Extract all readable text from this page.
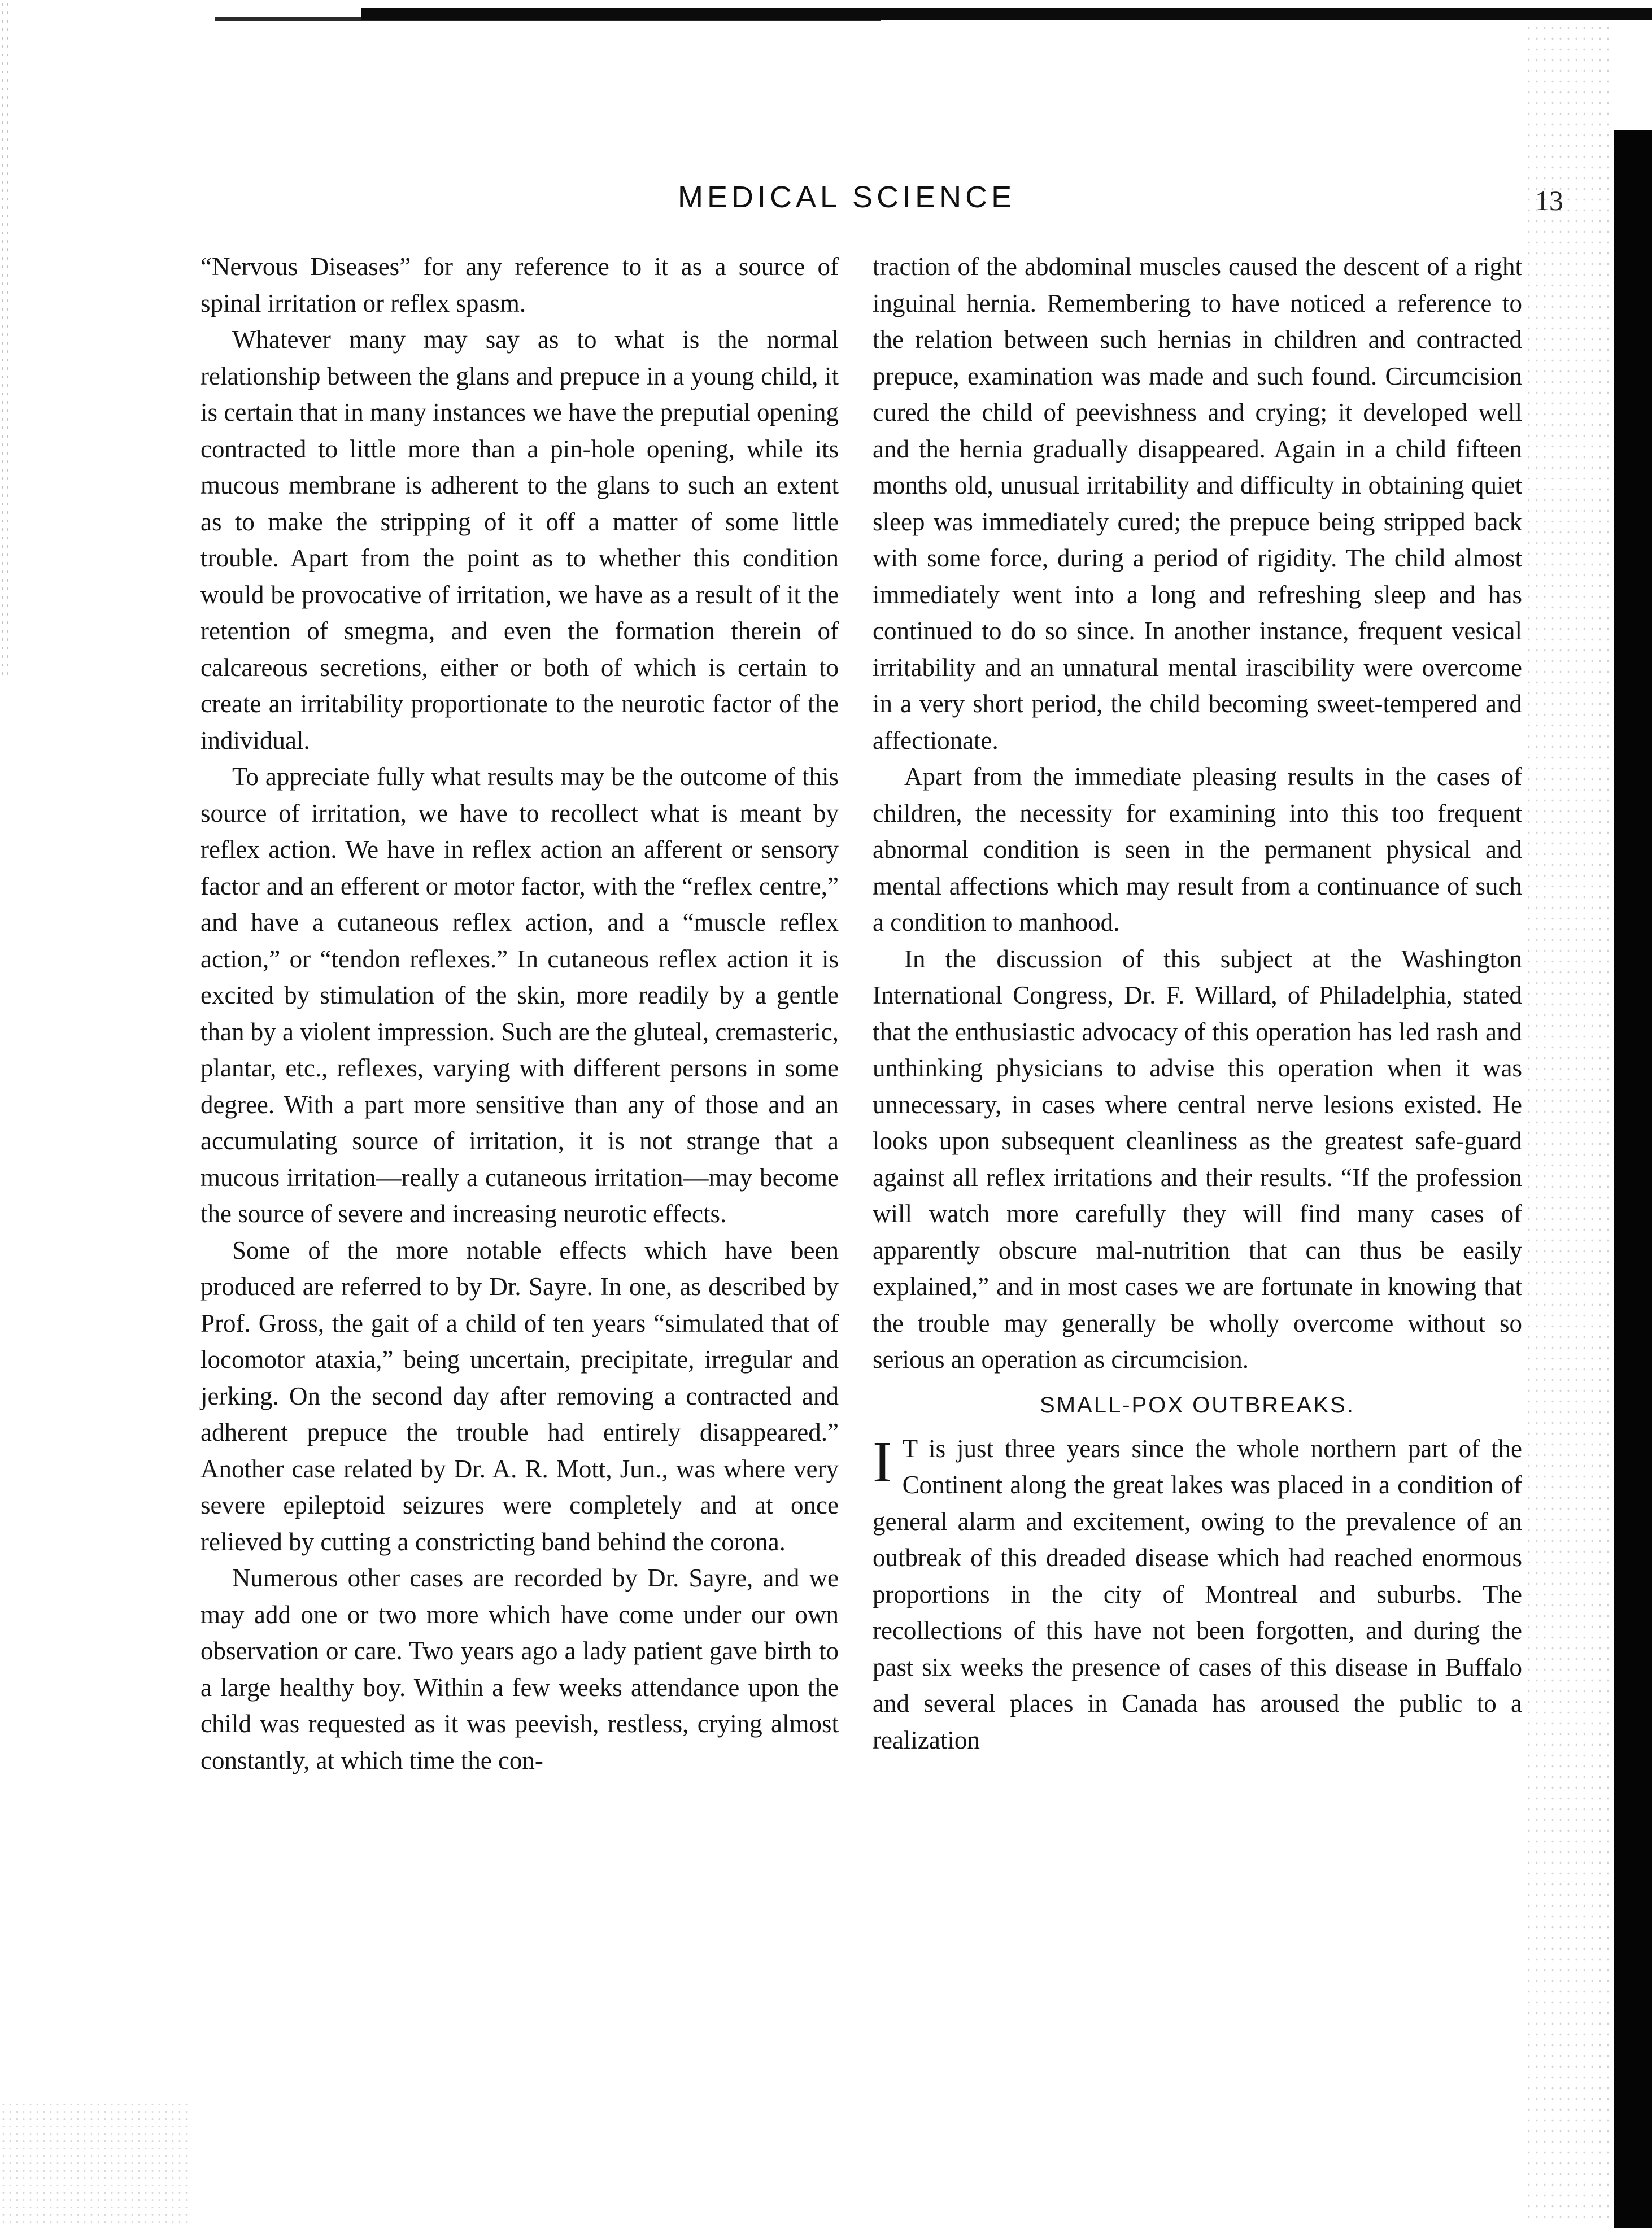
MEDICAL SCIENCE	13

“Nervous Diseases” for any reference to it as a source of spinal irritation or reflex spasm.

Whatever many may say as to what is the normal relationship between the glans and prepuce in a young child, it is certain that in many instances we have the preputial opening contracted to little more than a pin-hole opening, while its mucous membrane is adherent to the glans to such an extent as to make the stripping of it off a matter of some little trouble. Apart from the point as to whether this condition would be provocative of irritation, we have as a result of it the retention of smegma, and even the formation therein of calcareous secretions, either or both of which is certain to create an irritability proportionate to the neurotic factor of the individual.

To appreciate fully what results may be the outcome of this source of irritation, we have to recollect what is meant by reflex action. We have in reflex action an afferent or sensory factor and an efferent or motor factor, with the “reflex centre,” and have a cutaneous reflex action, and a “muscle reflex action,” or “tendon reflexes.” In cutaneous reflex action it is excited by stimulation of the skin, more readily by a gentle than by a violent impression. Such are the gluteal, cremasteric, plantar, etc., reflexes, varying with different persons in some degree. With a part more sensitive than any of those and an accumulating source of irritation, it is not strange that a mucous irritation—really a cutaneous irritation—may become the source of severe and increasing neurotic effects.

Some of the more notable effects which have been produced are referred to by Dr. Sayre. In one, as described by Prof. Gross, the gait of a child of ten years “simulated that of locomotor ataxia,” being uncertain, precipitate, irregular and jerking. On the second day after removing a contracted and adherent prepuce the trouble had entirely disappeared.” Another case related by Dr. A. R. Mott, Jun., was where very severe epileptoid seizures were completely and at once relieved by cutting a constricting band behind the corona.

Numerous other cases are recorded by Dr. Sayre, and we may add one or two more which have come under our own observation or care. Two years ago a lady patient gave birth to a large healthy boy. Within a few weeks attendance upon the child was requested as it was peevish, restless, crying almost constantly, at which time the con-

traction of the abdominal muscles caused the descent of a right inguinal hernia. Remembering to have noticed a reference to the relation between such hernias in children and contracted prepuce, examination was made and such found. Circumcision cured the child of peevishness and crying; it developed well and the hernia gradually disappeared. Again in a child fifteen months old, unusual irritability and difficulty in obtaining quiet sleep was immediately cured; the prepuce being stripped back with some force, during a period of rigidity. The child almost immediately went into a long and refreshing sleep and has continued to do so since. In another instance, frequent vesical irritability and an unnatural mental irascibility were overcome in a very short period, the child becoming sweet-tempered and affectionate.

Apart from the immediate pleasing results in the cases of children, the necessity for examining into this too frequent abnormal condition is seen in the permanent physical and mental affections which may result from a continuance of such a condition to manhood.

In the discussion of this subject at the Washington International Congress, Dr. F. Willard, of Philadelphia, stated that the enthusiastic advocacy of this operation has led rash and unthinking physicians to advise this operation when it was unnecessary, in cases where central nerve lesions existed. He looks upon subsequent cleanliness as the greatest safe-guard against all reflex irritations and their results. “If the profession will watch more carefully they will find many cases of apparently obscure mal-nutrition that can thus be easily explained,” and in most cases we are fortunate in knowing that the trouble may generally be wholly overcome without so serious an operation as circumcision.

SMALL-POX OUTBREAKS.

I T is just three years since the whole northern part of the Continent along the great lakes was placed in a condition of general alarm and excitement, owing to the prevalence of an outbreak of this dreaded disease which had reached enormous proportions in the city of Montreal and suburbs. The recollections of this have not been forgotten, and during the past six weeks the presence of cases of this disease in Buffalo and several places in Canada has aroused the public to a realization
